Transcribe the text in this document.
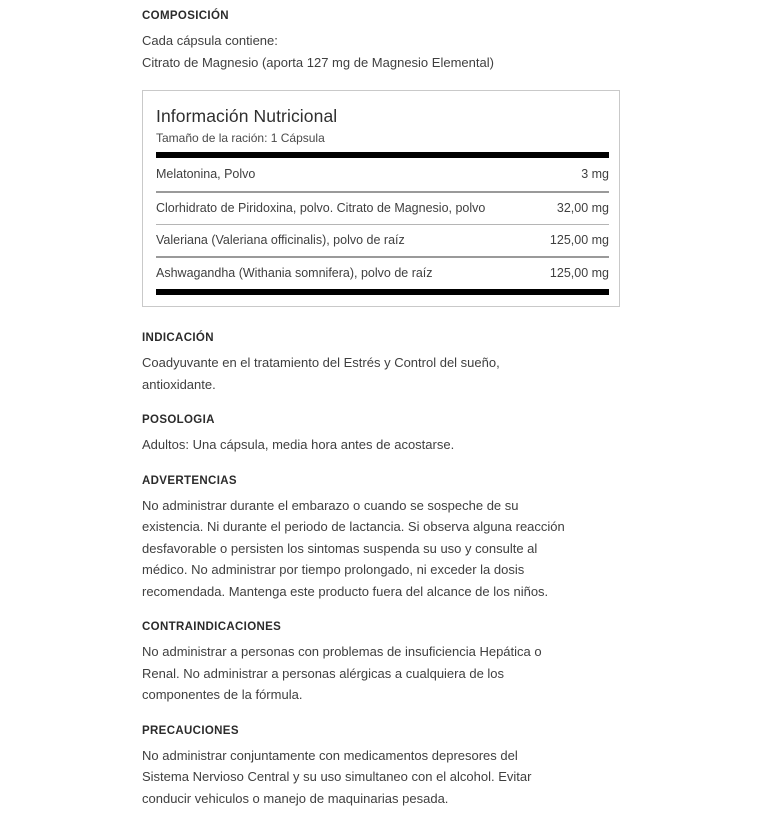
COMPOSICIÓN
Cada cápsula contiene:
Citrato de Magnesio (aporta 127 mg de Magnesio Elemental)
Información Nutricional
Tamaño de la ración: 1 Cápsula
Melatonina, Polvo	3 mg
Clorhidrato de Piridoxina, polvo. Citrato de Magnesio, polvo	32,00 mg
Valeriana (Valeriana officinalis), polvo de raíz	125,00 mg
Ashwagandha (Withania somnifera), polvo de raíz	125,00 mg
INDICACIÓN
Coadyuvante en el tratamiento del Estrés y Control del sueño,
antioxidante.
POSOLOGIA
Adultos: Una cápsula, media hora antes de acostarse.
ADVERTENCIAS
No administrar durante el embarazo o cuando se sospeche de su
existencia. Ni durante el periodo de lactancia. Si observa alguna reacción
desfavorable o persisten los sintomas suspenda su uso y consulte al
médico. No administrar por tiempo prolongado, ni exceder la dosis
recomendada. Mantenga este producto fuera del alcance de los niños.
CONTRAINDICACIONES
No administrar a personas con problemas de insuficiencia Hepática o
Renal. No administrar a personas alérgicas a cualquiera de los
componentes de la fórmula.
PRECAUCIONES
No administrar conjuntamente con medicamentos depresores del
Sistema Nervioso Central y su uso simultaneo con el alcohol. Evitar
conducir vehiculos o manejo de maquinarias pesada.
